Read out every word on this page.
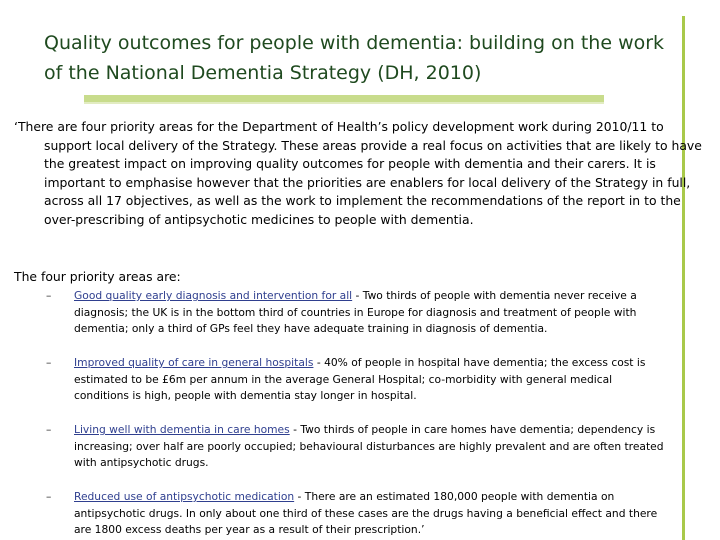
Quality outcomes for people with dementia: building on the work of the National Dementia Strategy (DH, 2010)
‘There are four priority areas for the Department of Health’s policy development work during 2010/11 to support local delivery of the Strategy. These areas provide a real focus on activities that are likely to have the greatest impact on improving quality outcomes for people with dementia and their carers. It is important to emphasise however that the priorities are enablers for local delivery of the Strategy in full, across all 17 objectives, as well as the work to implement the recommendations of the report in to the over-prescribing of antipsychotic medicines to people with dementia.
The four priority areas are:
–	Good quality early diagnosis and intervention for all - Two thirds of people with dementia never receive a diagnosis; the UK is in the bottom third of countries in Europe for diagnosis and treatment of people with dementia; only a third of GPs feel they have adequate training in diagnosis of dementia.
–	Improved quality of care in general hospitals - 40% of people in hospital have dementia; the excess cost is estimated to be £6m per annum in the average General Hospital; co-morbidity with general medical conditions is high, people with dementia stay longer in hospital.
–	Living well with dementia in care homes - Two thirds of people in care homes have dementia; dependency is increasing; over half are poorly occupied; behavioural disturbances are highly prevalent and are often treated with antipsychotic drugs.
–	Reduced use of antipsychotic medication - There are an estimated 180,000 people with dementia on antipsychotic drugs. In only about one third of these cases are the drugs having a beneficial effect and there are 1800 excess deaths per year as a result of their prescription.’
